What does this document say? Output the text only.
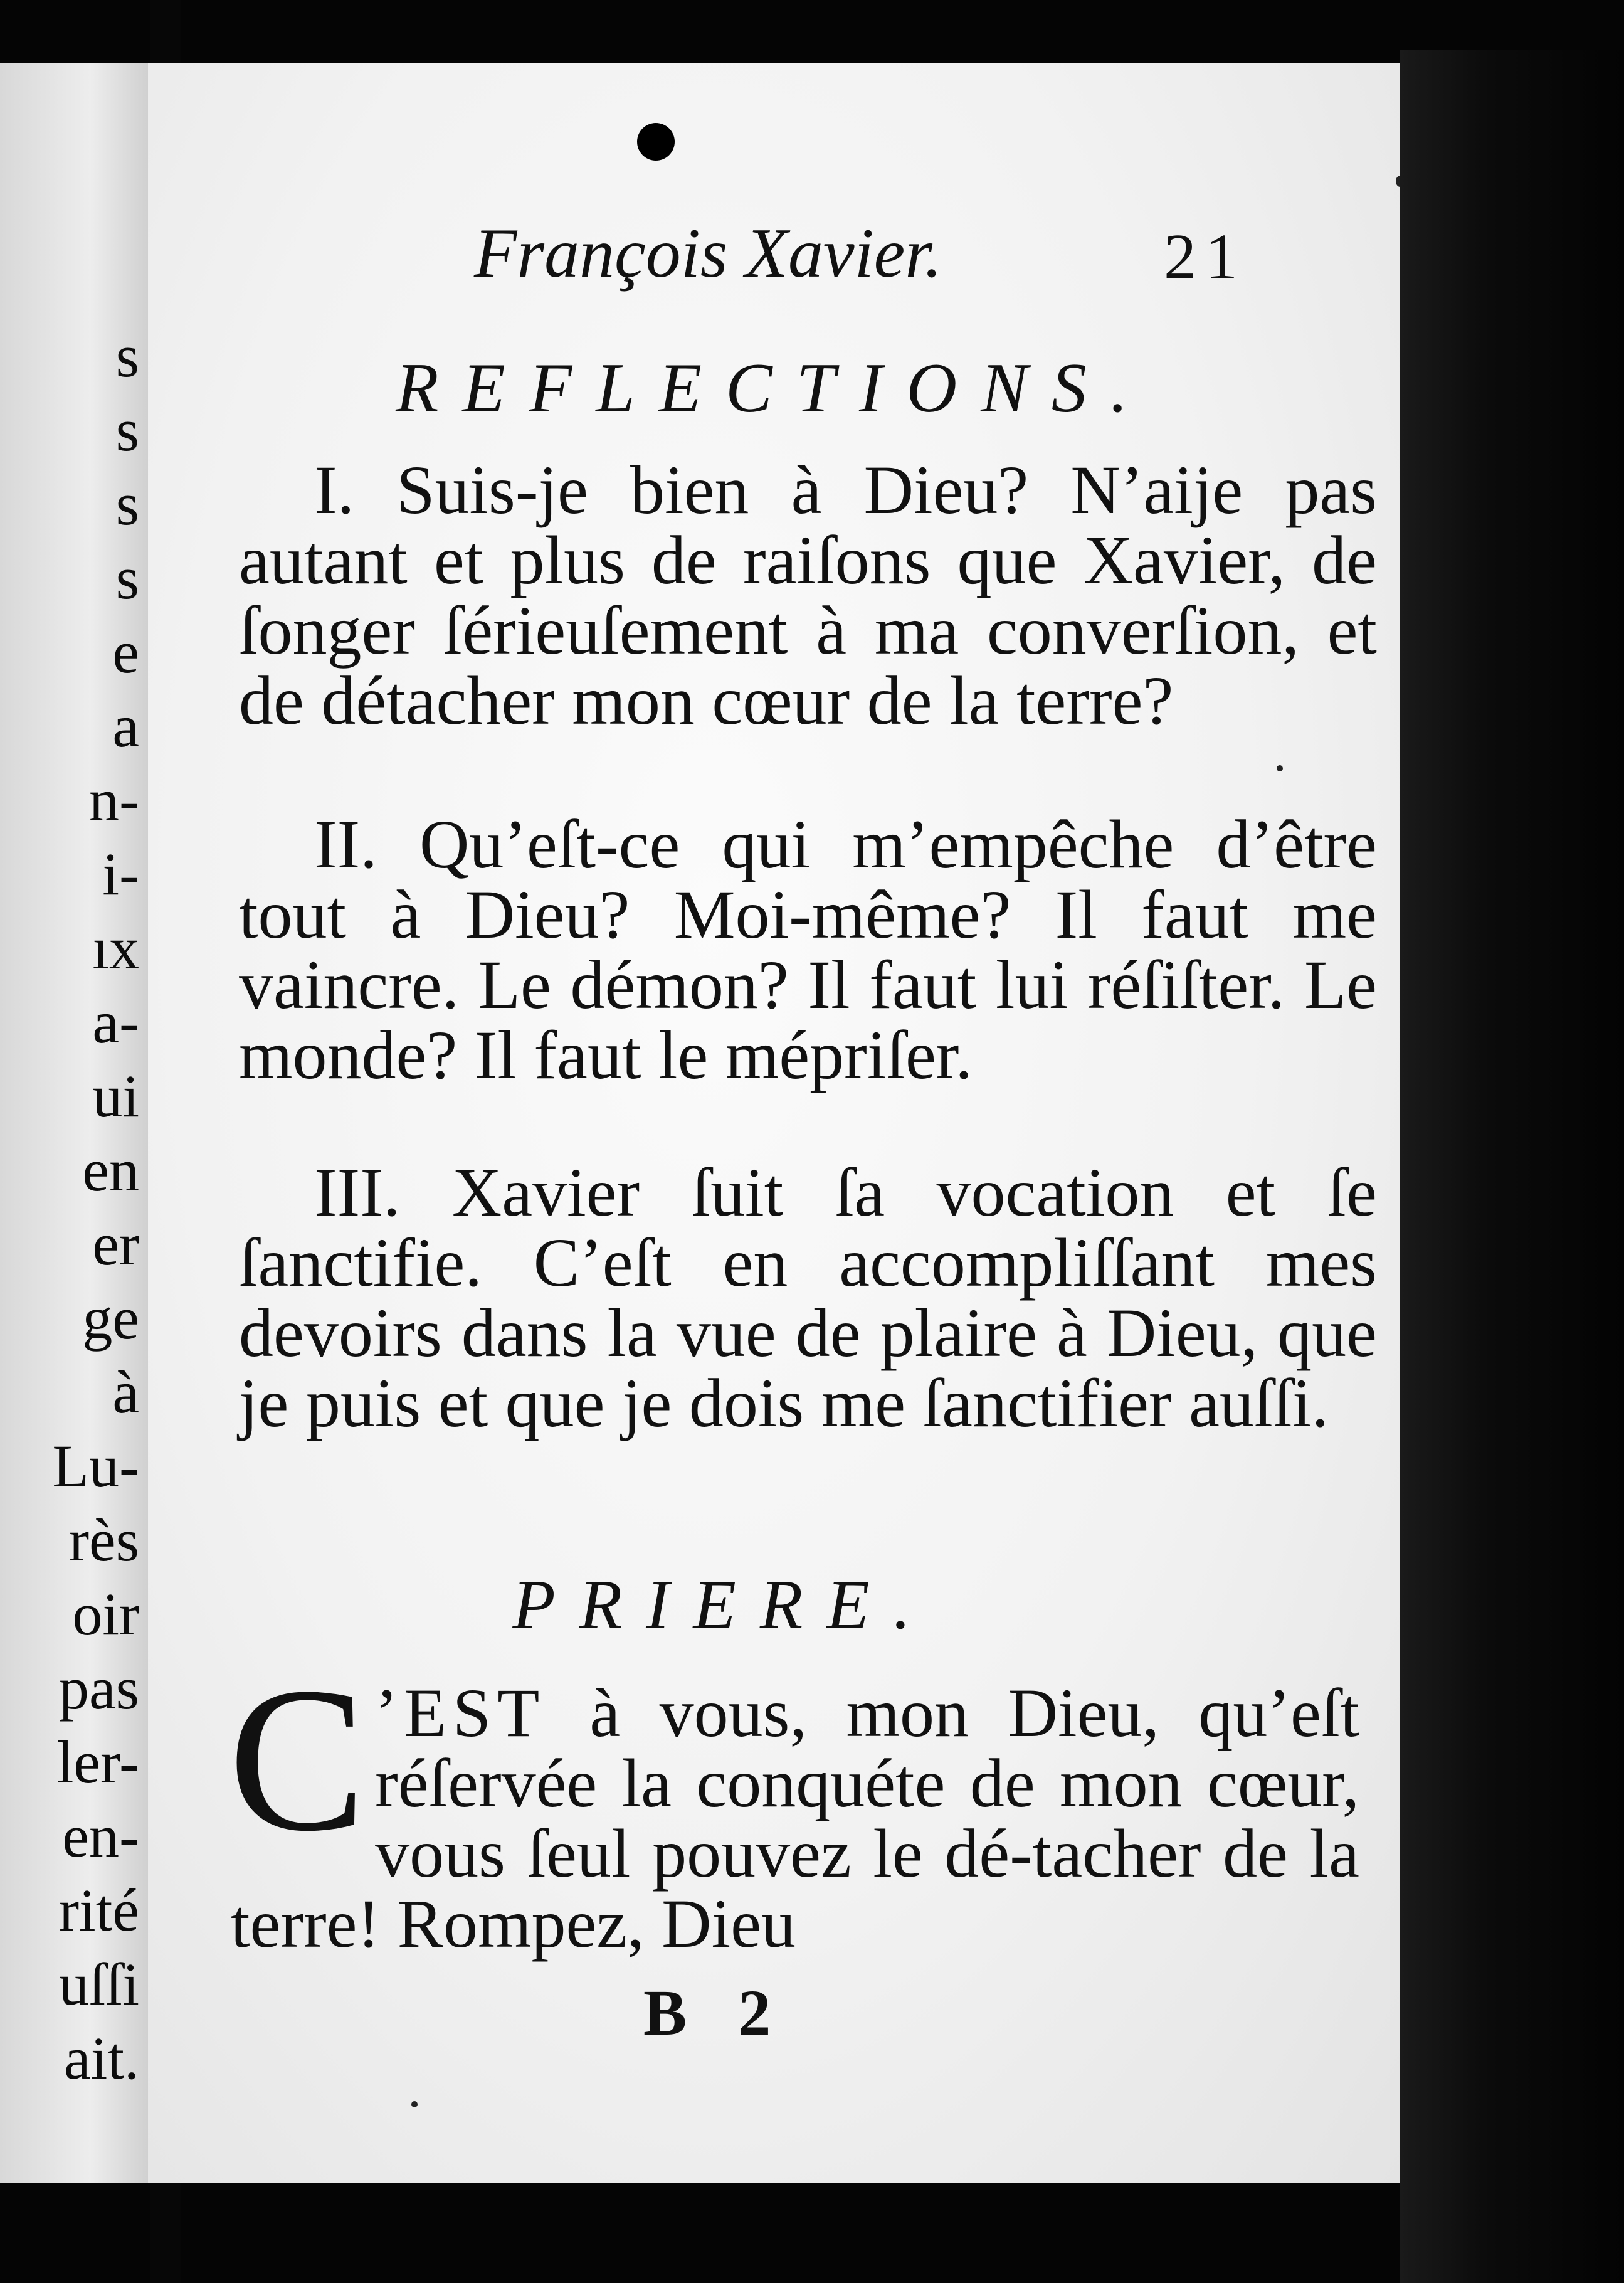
s
s
s
s
e
a
n-
i-
ıx
a-
ui
en
er
ge
à
Lu-
rès
oir
pas
ler-
en-
rité
uſſi
ait.
François Xavier.	21
REFLECTIONS.
I. Suis-je bien à Dieu? N’aije pas autant et plus de raiſons que Xavier, de ſonger ſérieuſement à ma converſion, et de détacher mon cœur de la terre?
II. Qu’eſt-ce qui m’empêche d’être tout à Dieu? Moi-même? Il faut me vaincre. Le démon? Il faut lui réſiſter. Le monde? Il faut le mépriſer.
III. Xavier ſuit ſa vocation et ſe ſanctifie. C’eſt en accompliſſant mes devoirs dans la vue de plaire à Dieu, que je puis et que je dois me ſanctifier auſſi.
PRIERE.
C ’EST à vous, mon Dieu, qu’eſt réſervée la conquéte de mon cœur, vous ſeul pouvez le dé-tacher de la terre! Rompez, Dieu
B 2
